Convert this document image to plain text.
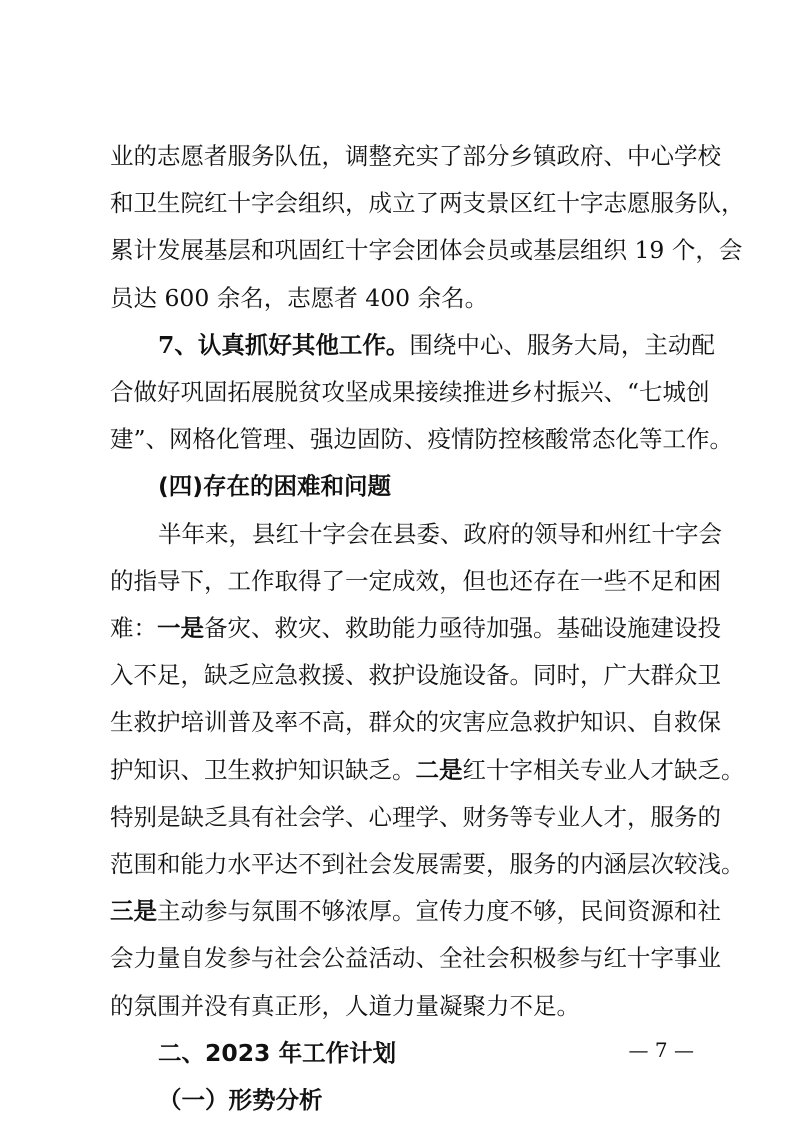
业的志愿者服务队伍，调整充实了部分乡镇政府、中心学校
和卫生院红十字会组织，成立了两支景区红十字志愿服务队，
累计发展基层和巩固红十字会团体会员或基层组织 19 个，会
员达 600 余名，志愿者 400 余名。
7、认真抓好其他工作。围绕中心、服务大局，主动配
合做好巩固拓展脱贫攻坚成果接续推进乡村振兴、“七城创
建”、网格化管理、强边固防、疫情防控核酸常态化等工作。
(四)存在的困难和问题
半年来，县红十字会在县委、政府的领导和州红十字会
的指导下，工作取得了一定成效，但也还存在一些不足和困
难：一是备灾、救灾、救助能力亟待加强。基础设施建设投
入不足，缺乏应急救援、救护设施设备。同时，广大群众卫
生救护培训普及率不高，群众的灾害应急救护知识、自救保
护知识、卫生救护知识缺乏。二是红十字相关专业人才缺乏。
特别是缺乏具有社会学、心理学、财务等专业人才，服务的
范围和能力水平达不到社会发展需要，服务的内涵层次较浅。
三是主动参与氛围不够浓厚。宣传力度不够，民间资源和社
会力量自发参与社会公益活动、全社会积极参与红十字事业
的氛围并没有真正形，人道力量凝聚力不足。
— 7 —
二、2023 年工作计划
（一）形势分析
